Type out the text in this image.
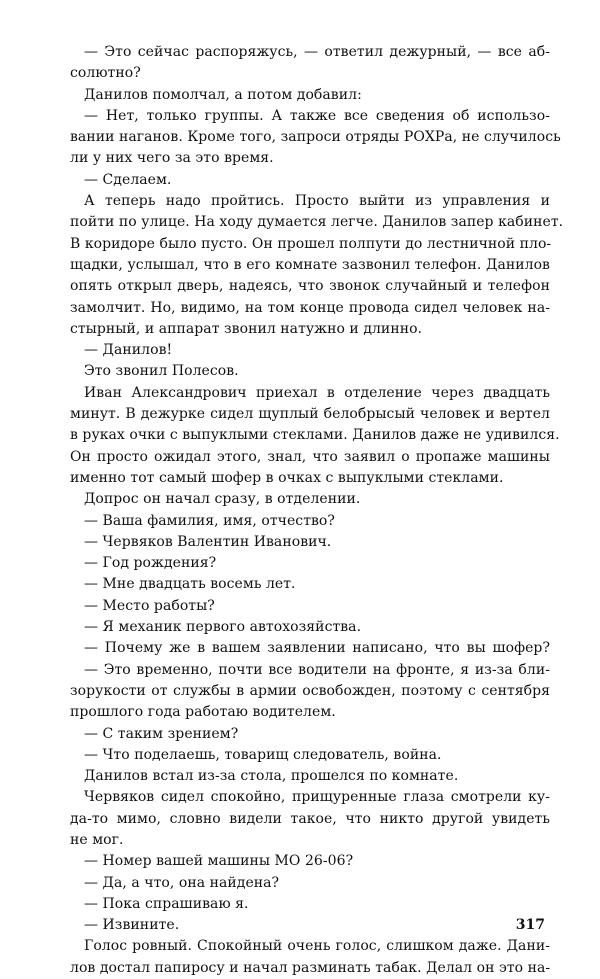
— Это сейчас распоряжусь, — ответил дежурный, — все аб-
солютно?
Данилов помолчал, а потом добавил:
— Нет, только группы. А также все сведения об использо-
вании наганов. Кроме того, запроси отряды РОХРа, не случилось
ли у них чего за это время.
— Сделаем.
А теперь надо пройтись. Просто выйти из управления и
пойти по улице. На ходу думается легче. Данилов запер кабинет.
В коридоре было пусто. Он прошел полпути до лестничной пло-
щадки, услышал, что в его комнате зазвонил телефон. Данилов
опять открыл дверь, надеясь, что звонок случайный и телефон
замолчит. Но, видимо, на том конце провода сидел человек на-
стырный, и аппарат звонил натужно и длинно.
— Данилов!
Это звонил Полесов.
Иван Александрович приехал в отделение через двадцать
минут. В дежурке сидел щуплый белобрысый человек и вертел
в руках очки с выпуклыми стеклами. Данилов даже не удивился.
Он просто ожидал этого, знал, что заявил о пропаже машины
именно тот самый шофер в очках с выпуклыми стеклами.
Допрос он начал сразу, в отделении.
— Ваша фамилия, имя, отчество?
— Червяков Валентин Иванович.
— Год рождения?
— Мне двадцать восемь лет.
— Место работы?
— Я механик первого автохозяйства.
— Почему же в вашем заявлении написано, что вы шофер?
— Это временно, почти все водители на фронте, я из-за бли-
зорукости от службы в армии освобожден, поэтому с сентября
прошлого года работаю водителем.
— С таким зрением?
— Что поделаешь, товарищ следователь, война.
Данилов встал из-за стола, прошелся по комнате.
Червяков сидел спокойно, прищуренные глаза смотрели ку-
да-то мимо, словно видели такое, что никто другой увидеть
не мог.
— Номер вашей машины МО 26-06?
— Да, а что, она найдена?
— Пока спрашиваю я.
— Извините.
Голос ровный. Спокойный очень голос, слишком даже. Дани-
лов достал папиросу и начал разминать табак. Делал он это на-
317
